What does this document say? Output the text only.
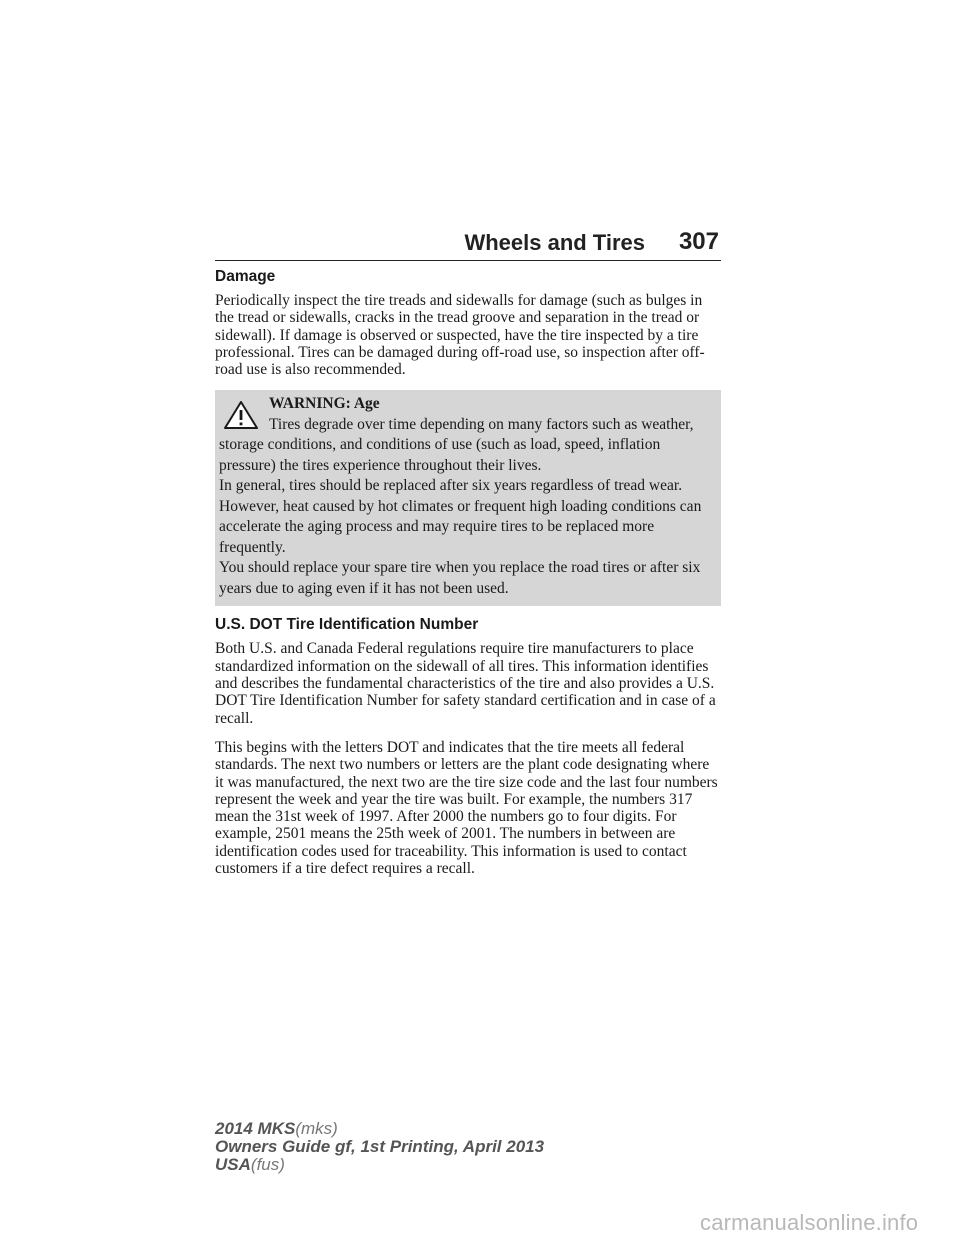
Wheels and Tires 307
Damage

Periodically inspect the tire treads and sidewalls for damage (such as bulges in the tread or sidewalls, cracks in the tread groove and separation in the tread or sidewall). If damage is observed or suspected, have the tire inspected by a tire professional. Tires can be damaged during off-road use, so inspection after off-road use is also recommended.

WARNING: Age

Tires degrade over time depending on many factors such as weather, storage conditions, and conditions of use (such as load, speed, inflation pressure) the tires experience throughout their lives.

In general, tires should be replaced after six years regardless of tread wear. However, heat caused by hot climates or frequent high loading conditions can accelerate the aging process and may require tires to be replaced more frequently.

You should replace your spare tire when you replace the road tires or after six years due to aging even if it has not been used.

U.S. DOT Tire Identification Number

Both U.S. and Canada Federal regulations require tire manufacturers to place standardized information on the sidewall of all tires. This information identifies and describes the fundamental characteristics of the tire and also provides a U.S. DOT Tire Identification Number for safety standard certification and in case of a recall.

This begins with the letters DOT and indicates that the tire meets all federal standards. The next two numbers or letters are the plant code designating where it was manufactured, the next two are the tire size code and the last four numbers represent the week and year the tire was built. For example, the numbers 317 mean the 31st week of 1997. After 2000 the numbers go to four digits. For example, 2501 means the 25th week of 2001. The numbers in between are identification codes used for traceability. This information is used to contact customers if a tire defect requires a recall.

2014 MKS(mks)
Owners Guide gf, 1st Printing, April 2013
USA(fus)
carmanualsonline.info
